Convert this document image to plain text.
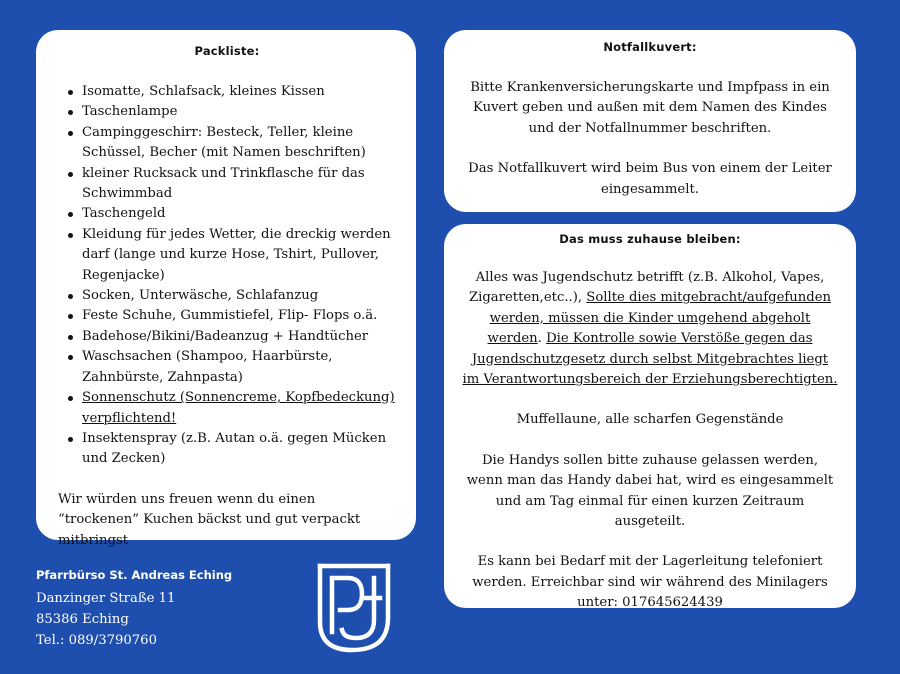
Packliste:
Isomatte, Schlafsack, kleines Kissen
Taschenlampe
Campinggeschirr: Besteck, Teller, kleine Schüssel, Becher (mit Namen beschriften)
kleiner Rucksack und Trinkflasche für das Schwimmbad
Taschengeld
Kleidung für jedes Wetter, die dreckig werden darf (lange und kurze Hose, Tshirt, Pullover, Regenjacke)
Socken, Unterwäsche, Schlafanzug
Feste Schuhe, Gummistiefel, Flip- Flops o.ä.
Badehose/Bikini/Badeanzug + Handtücher
Waschsachen (Shampoo, Haarbürste, Zahnbürste, Zahnpasta)
Sonnenschutz (Sonnencreme, Kopfbedeckung) verpflichtend!
Insektenspray (z.B. Autan o.ä. gegen Mücken und Zecken)

Wir würden uns freuen wenn du einen “trockenen” Kuchen bäckst und gut verpackt mitbringst

Notfallkuvert:

Bitte Krankenversicherungskarte und Impfpass in ein Kuvert geben und außen mit dem Namen des Kindes und der Notfallnummer beschriften.

Das Notfallkuvert wird beim Bus von einem der Leiter eingesammelt.

Das muss zuhause bleiben:

Alles was Jugendschutz betrifft (z.B. Alkohol, Vapes, Zigaretten,etc..), Sollte dies mitgebracht/aufgefunden werden, müssen die Kinder umgehend abgeholt werden. Die Kontrolle sowie Verstöße gegen das Jugendschutzgesetz durch selbst Mitgebrachtes liegt im Verantwortungsbereich der Erziehungsberechtigten.

Muffellaune, alle scharfen Gegenstände

Die Handys sollen bitte zuhause gelassen werden, wenn man das Handy dabei hat, wird es eingesammelt und am Tag einmal für einen kurzen Zeitraum ausgeteilt.

Es kann bei Bedarf mit der Lagerleitung telefoniert werden. Erreichbar sind wir während des Minilagers unter: 017645624439

Pfarrbürso St. Andreas Eching

Danzinger Straße 11

85386 Eching

Tel.: 089/3790760
